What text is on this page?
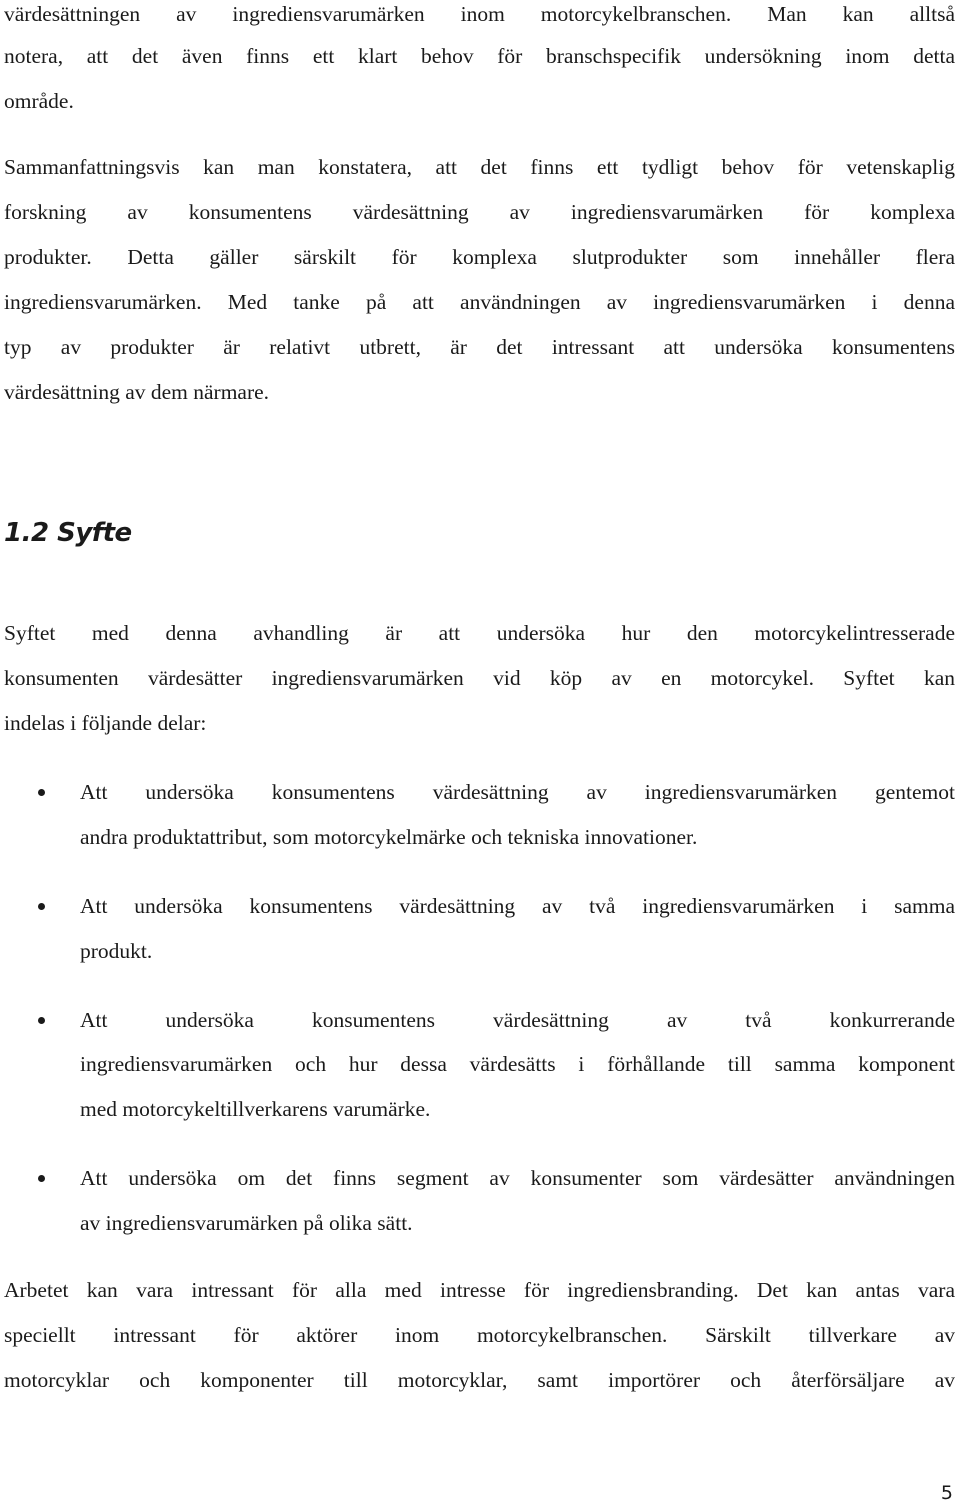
värdesättningen av ingrediensvarumärken inom motorcykelbranschen. Man kan alltså
notera, att det även finns ett klart behov för branschspecifik undersökning inom detta
område.
Sammanfattningsvis kan man konstatera, att det finns ett tydligt behov för vetenskaplig
forskning av konsumentens värdesättning av ingrediensvarumärken för komplexa
produkter. Detta gäller särskilt för komplexa slutprodukter som innehåller flera
ingrediensvarumärken. Med tanke på att användningen av ingrediensvarumärken i denna
typ av produkter är relativt utbrett, är det intressant att undersöka konsumentens
värdesättning av dem närmare.
1.2 Syfte
Syftet med denna avhandling är att undersöka hur den motorcykelintresserade
konsumenten värdesätter ingrediensvarumärken vid köp av en motorcykel. Syftet kan
indelas i följande delar:
Att undersöka konsumentens värdesättning av ingrediensvarumärken gentemot
andra produktattribut, som motorcykelmärke och tekniska innovationer.
Att undersöka konsumentens värdesättning av två ingrediensvarumärken i samma
produkt.
Att undersöka konsumentens värdesättning av två konkurrerande
ingrediensvarumärken och hur dessa värdesätts i förhållande till samma komponent
med motorcykeltillverkarens varumärke.
Att undersöka om det finns segment av konsumenter som värdesätter användningen
av ingrediensvarumärken på olika sätt.
Arbetet kan vara intressant för alla med intresse för ingrediensbranding. Det kan antas vara
speciellt intressant för aktörer inom motorcykelbranschen. Särskilt tillverkare av
motorcyklar och komponenter till motorcyklar, samt importörer och återförsäljare av
5
